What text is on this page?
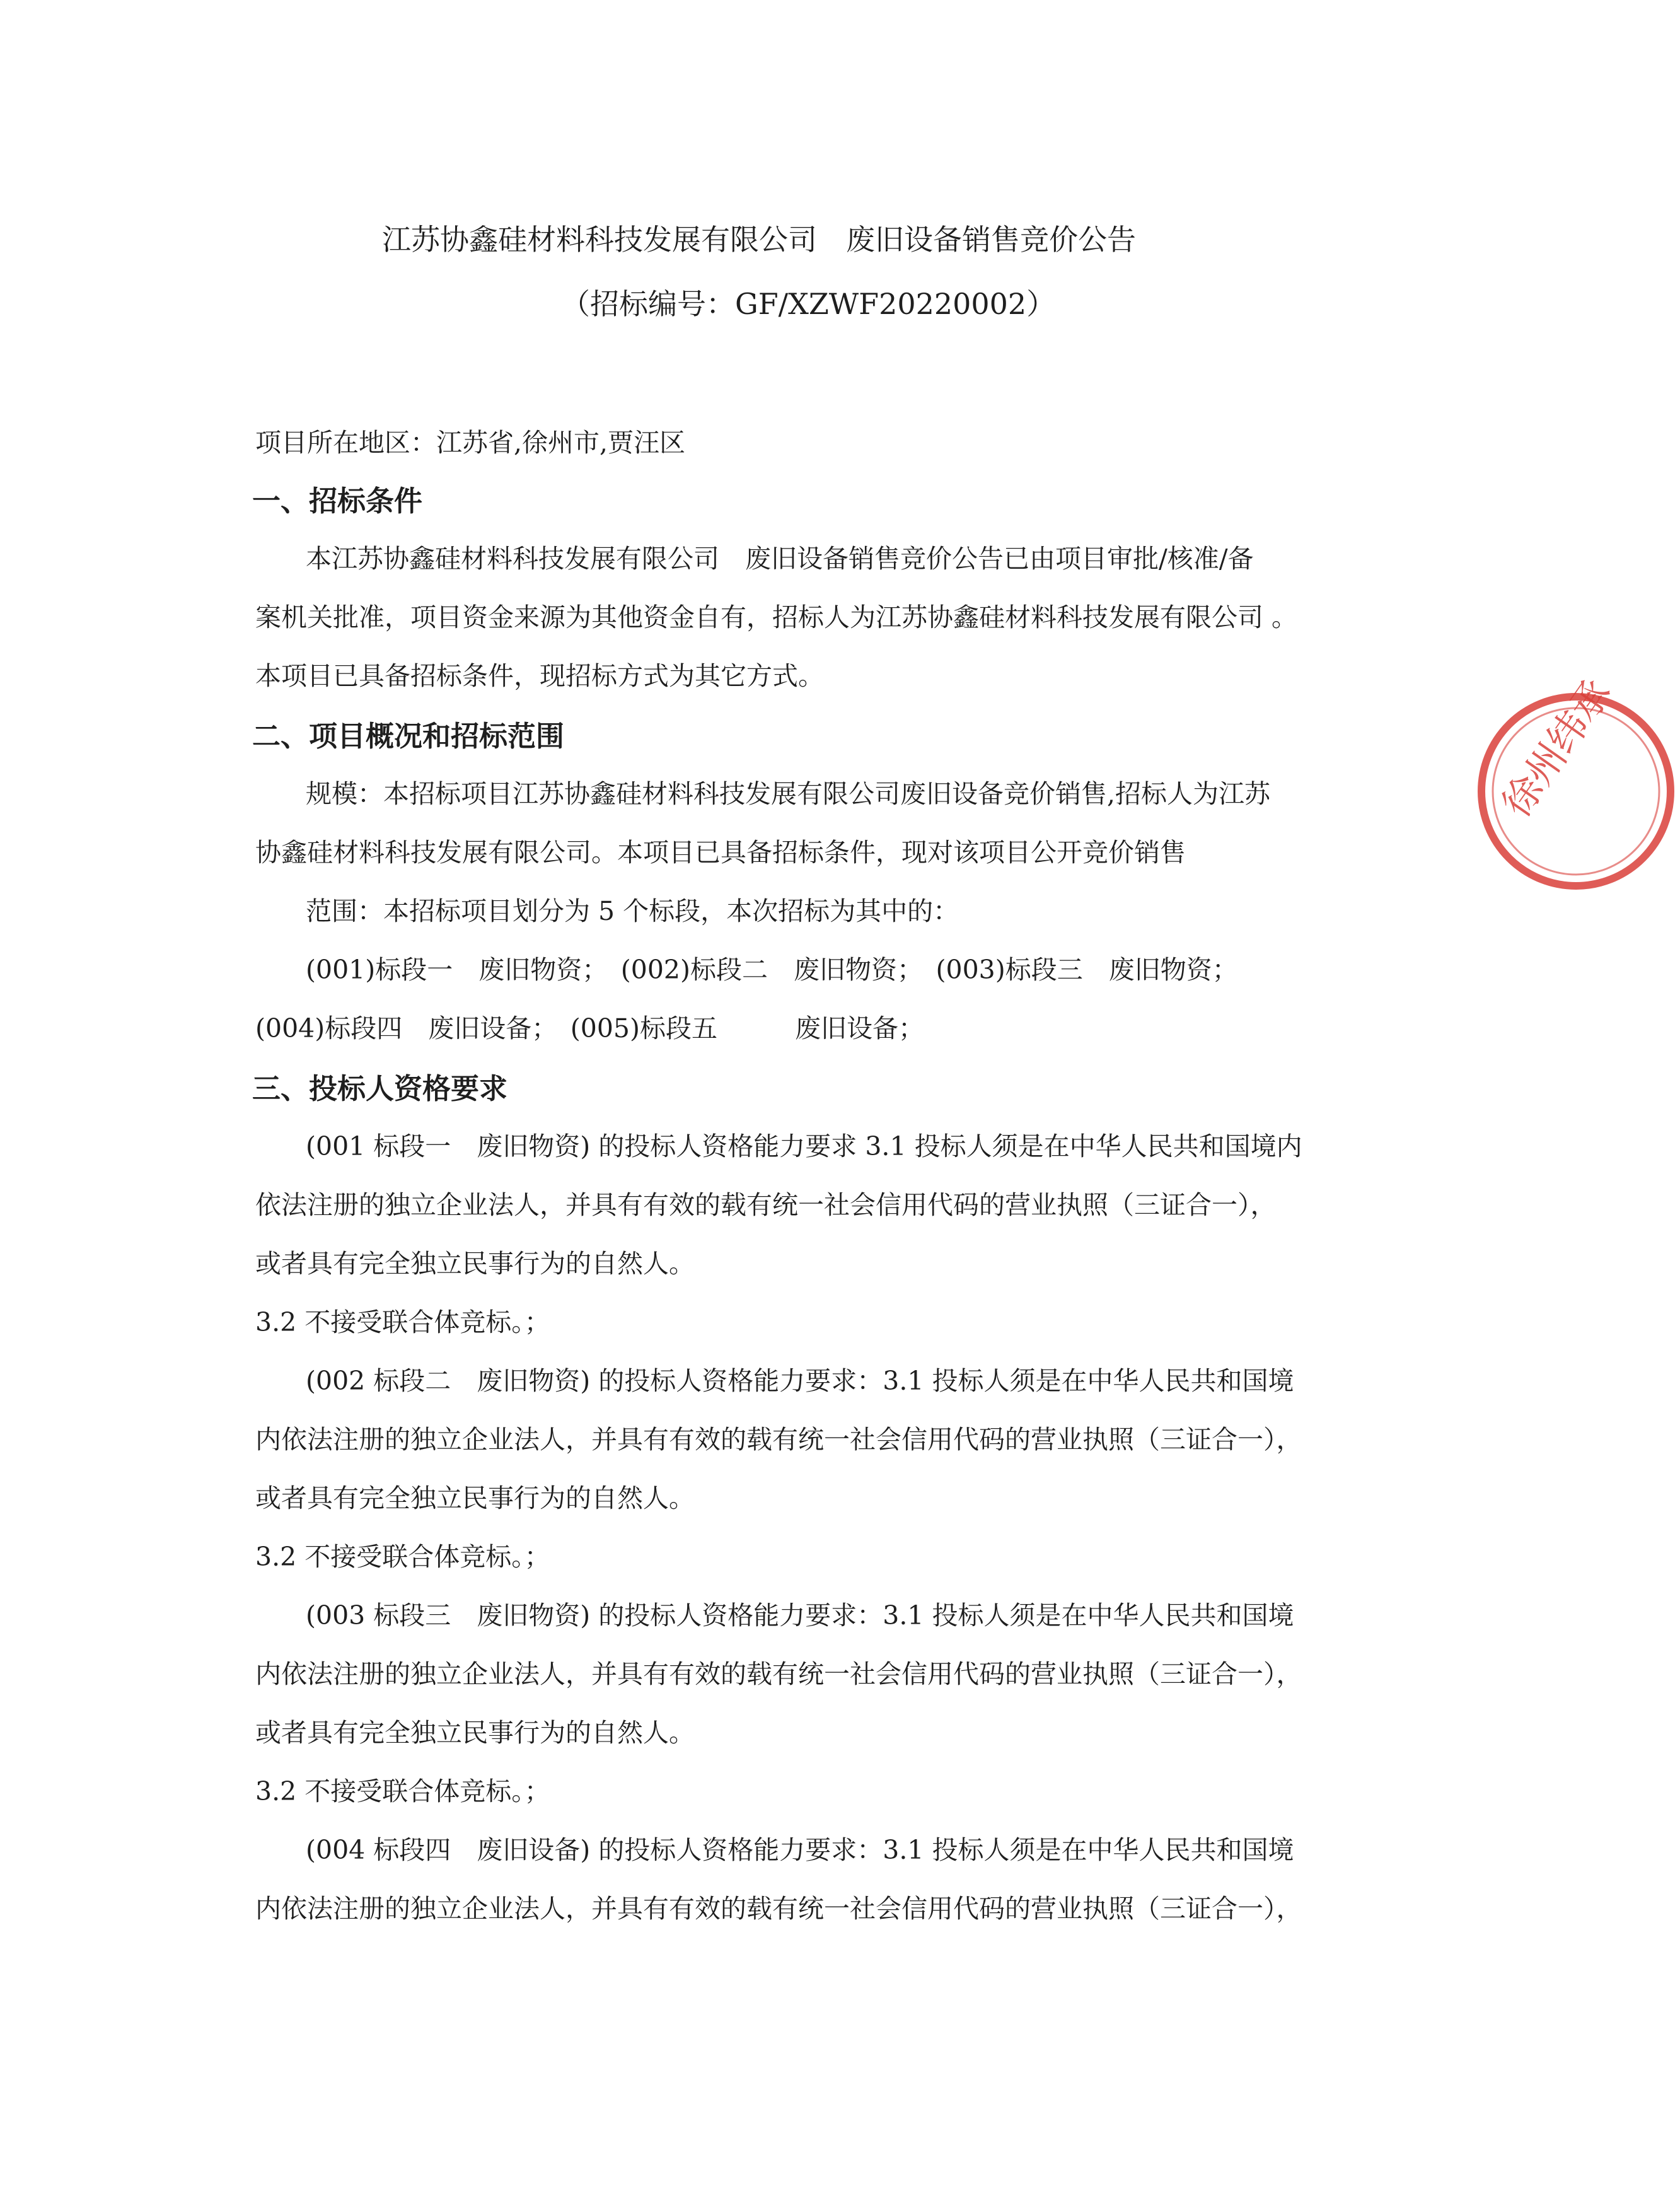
江苏协鑫硅材料科技发展有限公司　废旧设备销售竞价公告
（招标编号：GF/XZWF20220002）
项目所在地区：江苏省,徐州市,贾汪区
一、招标条件
本江苏协鑫硅材料科技发展有限公司　废旧设备销售竞价公告已由项目审批/核准/备
案机关批准，项目资金来源为其他资金自有，招标人为江苏协鑫硅材料科技发展有限公司 。
本项目已具备招标条件，现招标方式为其它方式。
二、项目概况和招标范围
规模：本招标项目江苏协鑫硅材料科技发展有限公司废旧设备竞价销售,招标人为江苏
协鑫硅材料科技发展有限公司。本项目已具备招标条件，现对该项目公开竞价销售
范围：本招标项目划分为 5 个标段，本次招标为其中的：
(001)标段一　废旧物资；　(002)标段二　废旧物资；　(003)标段三　废旧物资；
(004)标段四　废旧设备；　(005)标段五　　　废旧设备；
三、投标人资格要求
(001 标段一　废旧物资) 的投标人资格能力要求 3.1 投标人须是在中华人民共和国境内
依法注册的独立企业法人，并具有有效的载有统一社会信用代码的营业执照（三证合一），
或者具有完全独立民事行为的自然人。
3.2 不接受联合体竞标。；
(002 标段二　废旧物资) 的投标人资格能力要求：3.1 投标人须是在中华人民共和国境
内依法注册的独立企业法人，并具有有效的载有统一社会信用代码的营业执照（三证合一），
或者具有完全独立民事行为的自然人。
3.2 不接受联合体竞标。；
(003 标段三　废旧物资) 的投标人资格能力要求：3.1 投标人须是在中华人民共和国境
内依法注册的独立企业法人，并具有有效的载有统一社会信用代码的营业执照（三证合一），
或者具有完全独立民事行为的自然人。
3.2 不接受联合体竞标。；
(004 标段四　废旧设备) 的投标人资格能力要求：3.1 投标人须是在中华人民共和国境
内依法注册的独立企业法人，并具有有效的载有统一社会信用代码的营业执照（三证合一），
徐州纬承
